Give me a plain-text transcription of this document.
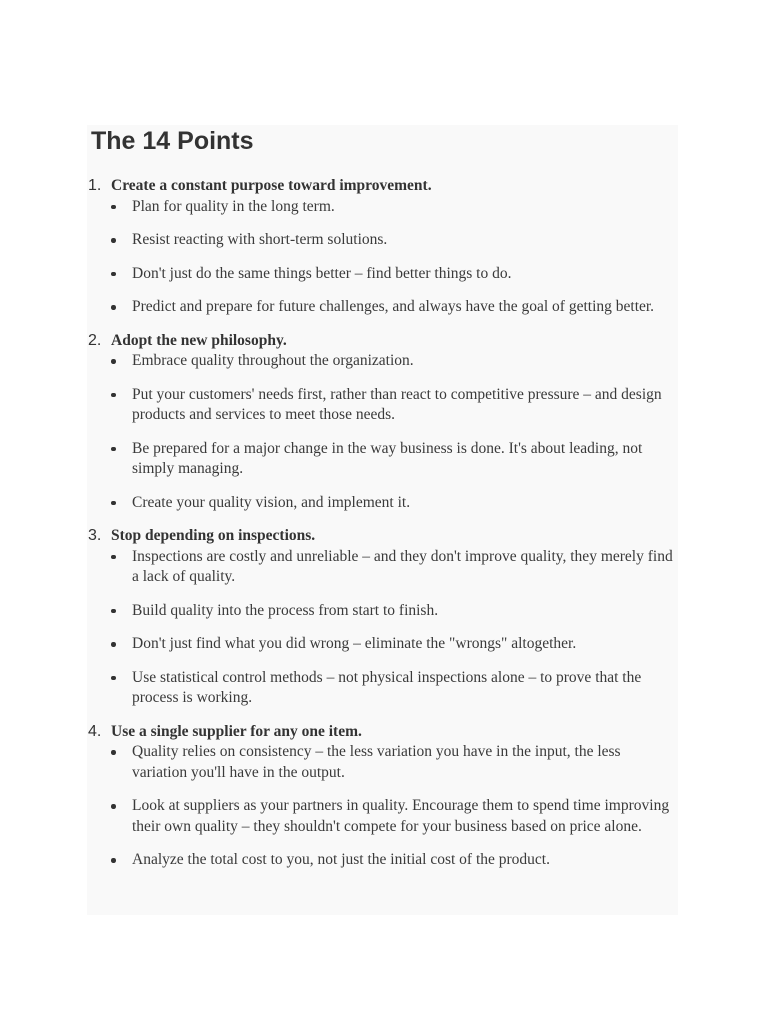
The 14 Points
1. Create a constant purpose toward improvement.
Plan for quality in the long term.
Resist reacting with short-term solutions.
Don't just do the same things better – find better things to do.
Predict and prepare for future challenges, and always have the goal of getting better.
2. Adopt the new philosophy.
Embrace quality throughout the organization.
Put your customers' needs first, rather than react to competitive pressure – and design products and services to meet those needs.
Be prepared for a major change in the way business is done. It's about leading, not simply managing.
Create your quality vision, and implement it.
3. Stop depending on inspections.
Inspections are costly and unreliable – and they don't improve quality, they merely find a lack of quality.
Build quality into the process from start to finish.
Don't just find what you did wrong – eliminate the "wrongs" altogether.
Use statistical control methods – not physical inspections alone – to prove that the process is working.
4. Use a single supplier for any one item.
Quality relies on consistency – the less variation you have in the input, the less variation you'll have in the output.
Look at suppliers as your partners in quality. Encourage them to spend time improving their own quality – they shouldn't compete for your business based on price alone.
Analyze the total cost to you, not just the initial cost of the product.
